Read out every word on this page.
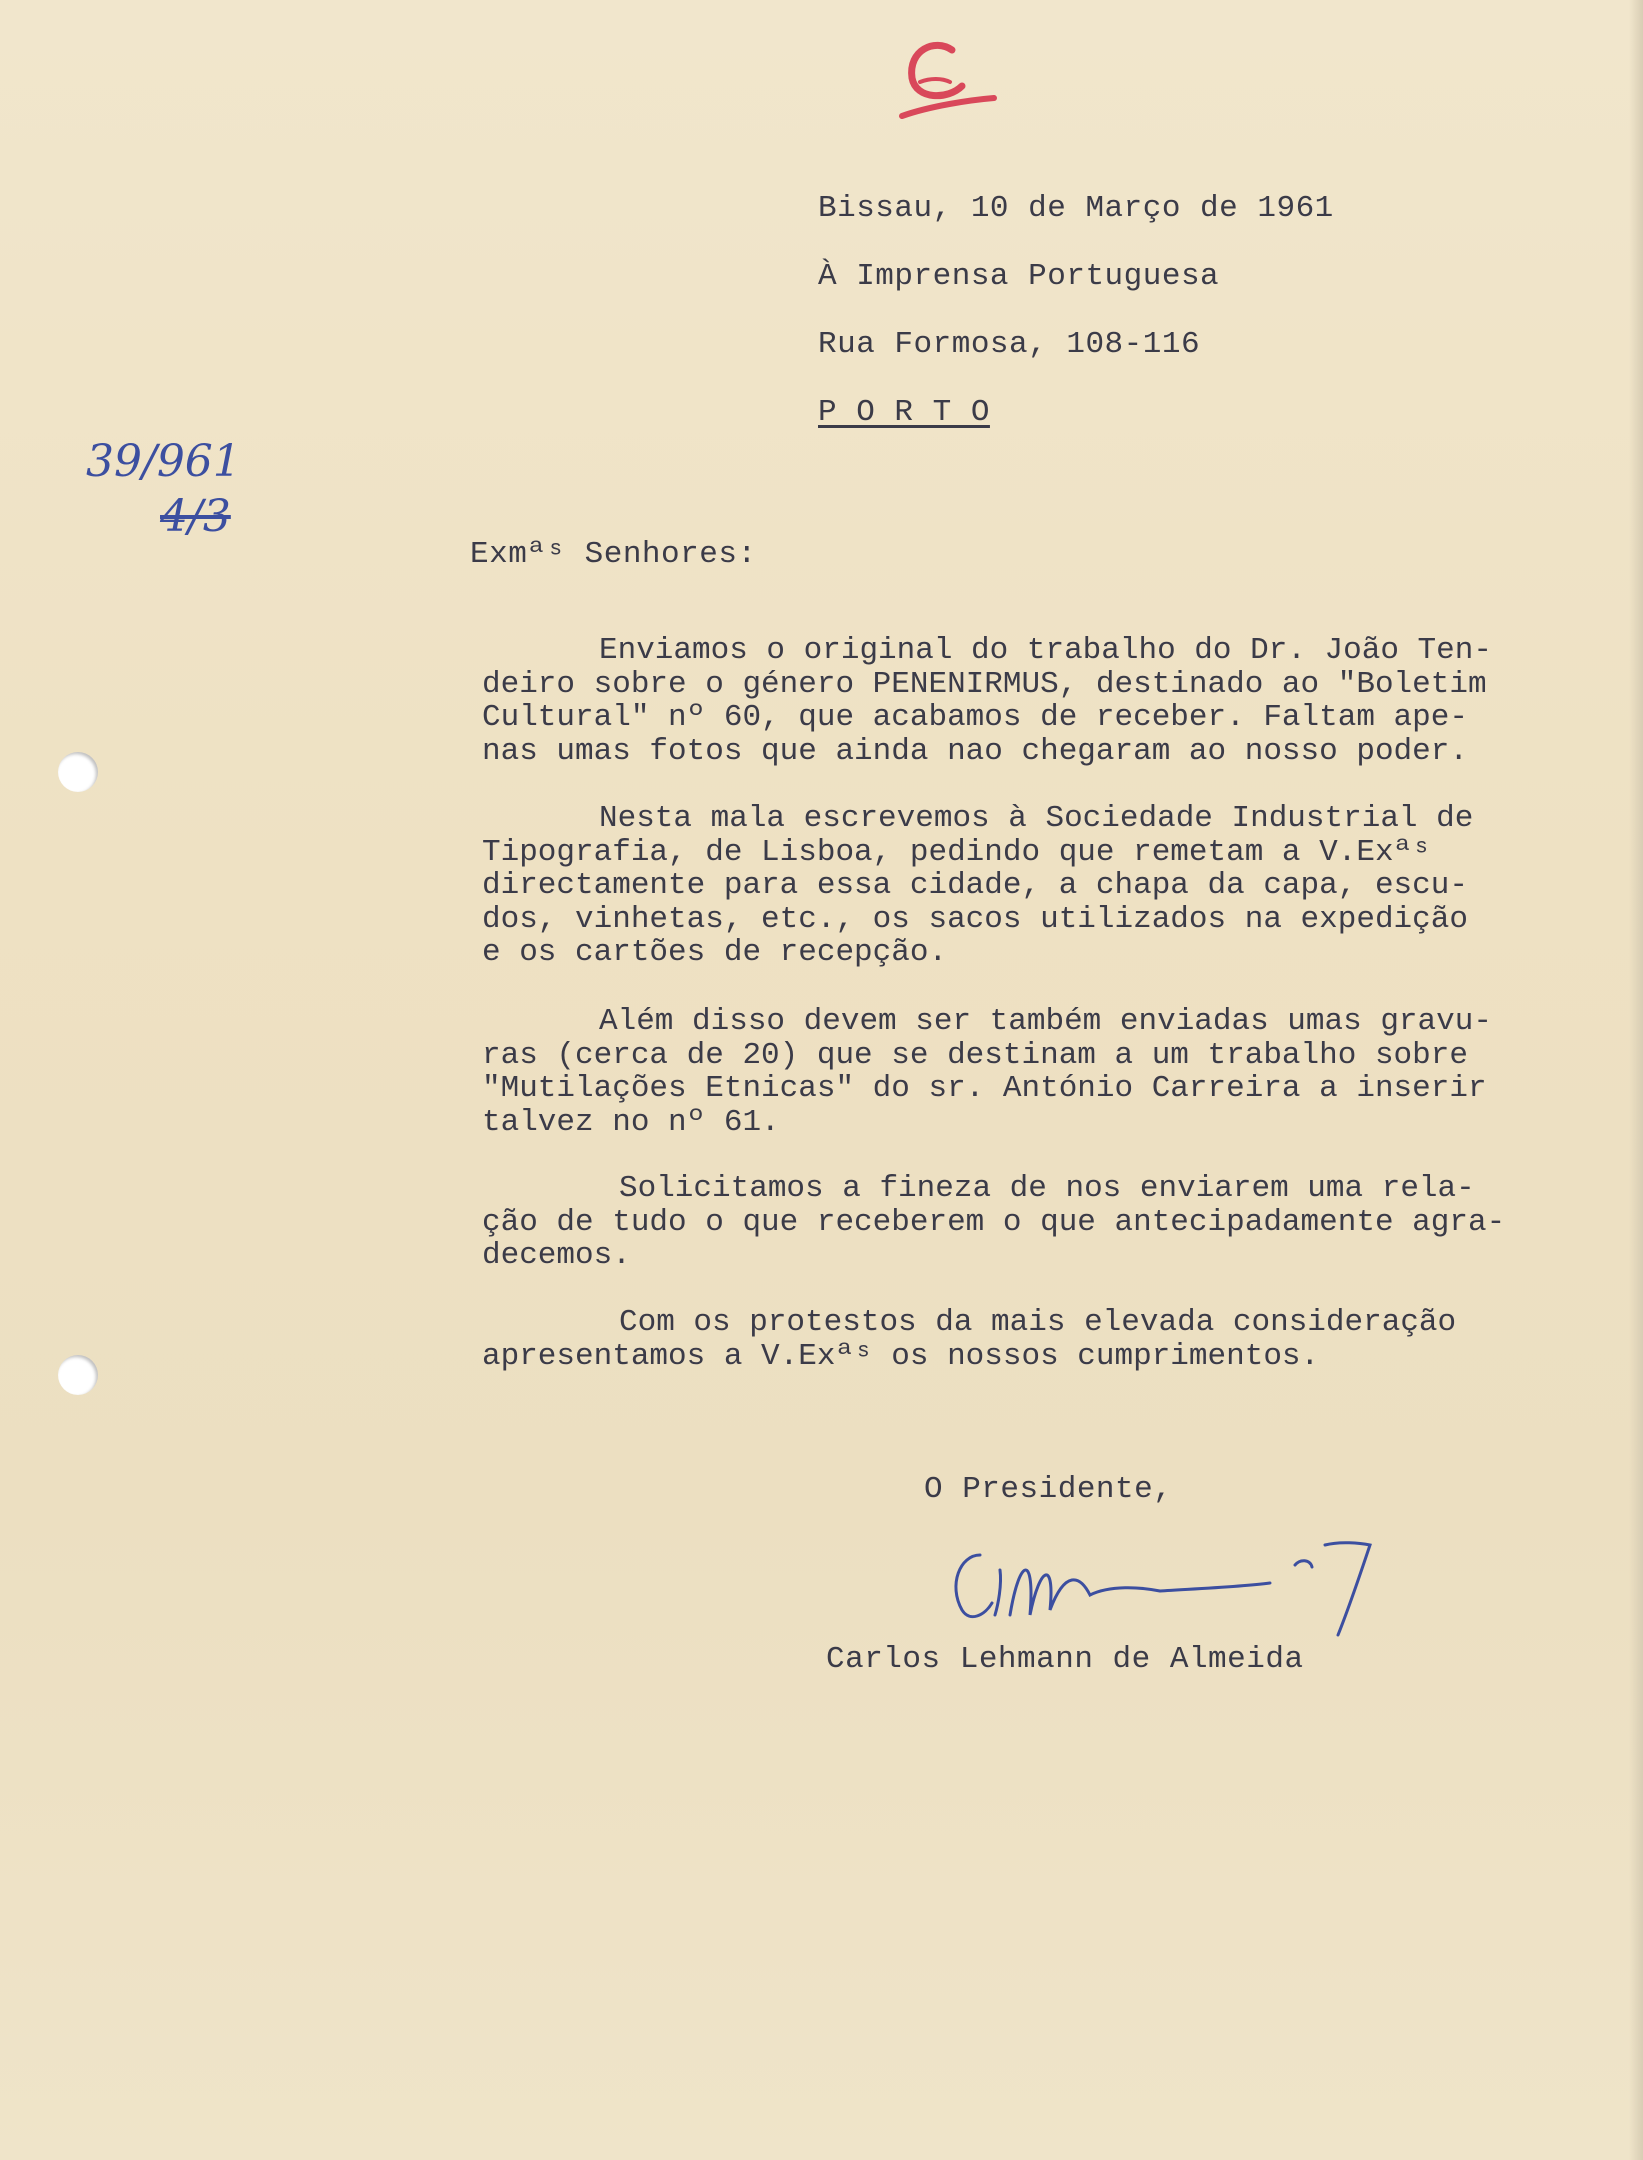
39/961
4/3
Bissau, 10 de Março de 1961
À Imprensa Portuguesa
Rua Formosa, 108-116
P O R T O
Exmªˢ Senhores:

Enviamos o original do trabalho do Dr. João Ten-
deiro sobre o género PENENIRMUS, destinado ao "Boletim
Cultural" nº 60, que acabamos de receber. Faltam ape-
nas umas fotos que ainda nao chegaram ao nosso poder.

Nesta mala escrevemos à Sociedade Industrial de
Tipografia, de Lisboa, pedindo que remetam a V.Exªˢ
directamente para essa cidade, a chapa da capa, escu-
dos, vinhetas, etc., os sacos utilizados na expedição
e os cartões de recepção.

Além disso devem ser também enviadas umas gravu-
ras (cerca de 20) que se destinam a um trabalho sobre
"Mutilações Etnicas" do sr. António Carreira a inserir
talvez no nº 61.

Solicitamos a fineza de nos enviarem uma rela-
ção de tudo o que receberem o que antecipadamente agra-
decemos.

Com os protestos da mais elevada consideração
apresentamos a V.Exªˢ os nossos cumprimentos.

O Presidente,
Carlos Lehmann de Almeida
